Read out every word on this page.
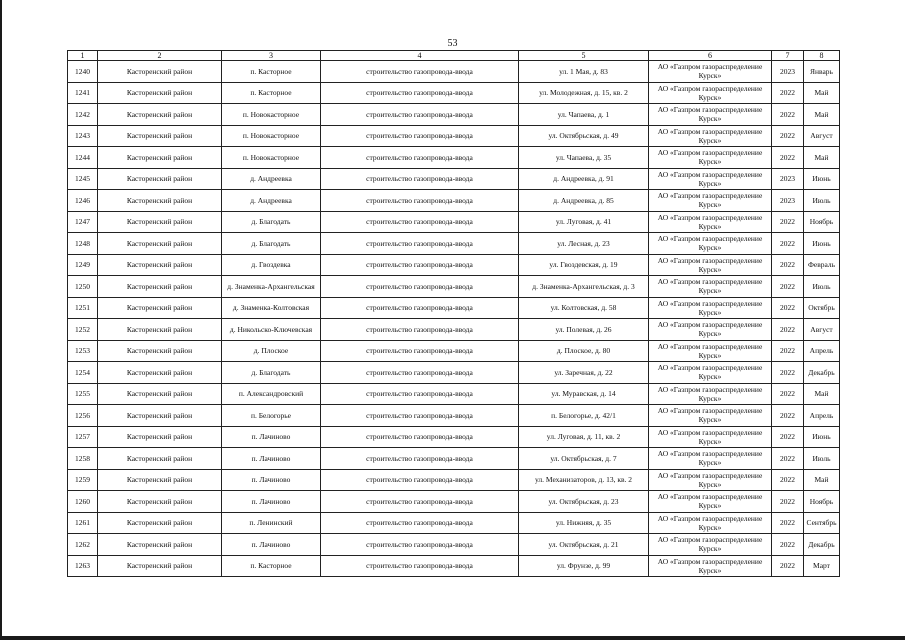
53
1	2	3	4	5	6	7	8
1240	Касторенский район	п. Касторное	строительство газопровода-ввода	ул. 1 Мая, д. 83	АО «Газпром газораспределение Курск»	2023	Январь
1241	Касторенский район	п. Касторное	строительство газопровода-ввода	ул. Молодежная, д. 15, кв. 2	АО «Газпром газораспределение Курск»	2022	Май
1242	Касторенский район	п. Новокасторное	строительство газопровода-ввода	ул. Чапаева, д. 1	АО «Газпром газораспределение Курск»	2022	Май
1243	Касторенский район	п. Новокасторное	строительство газопровода-ввода	ул. Октябрьская, д. 49	АО «Газпром газораспределение Курск»	2022	Август
1244	Касторенский район	п. Новокасторное	строительство газопровода-ввода	ул. Чапаева, д. 35	АО «Газпром газораспределение Курск»	2022	Май
1245	Касторенский район	д. Андреевка	строительство газопровода-ввода	д. Андреевка, д. 91	АО «Газпром газораспределение Курск»	2023	Июнь
1246	Касторенский район	д. Андреевка	строительство газопровода-ввода	д. Андреевка, д. 85	АО «Газпром газораспределение Курск»	2023	Июль
1247	Касторенский район	д. Благодать	строительство газопровода-ввода	ул. Луговая, д. 41	АО «Газпром газораспределение Курск»	2022	Ноябрь
1248	Касторенский район	д. Благодать	строительство газопровода-ввода	ул. Лесная, д. 23	АО «Газпром газораспределение Курск»	2022	Июнь
1249	Касторенский район	д. Гвоздевка	строительство газопровода-ввода	ул. Гвоздевская, д. 19	АО «Газпром газораспределение Курск»	2022	Февраль
1250	Касторенский район	д. Знаменка-Архангельская	строительство газопровода-ввода	д. Знаменка-Архангельская, д. 3	АО «Газпром газораспределение Курск»	2022	Июль
1251	Касторенский район	д. Знаменка-Колтовская	строительство газопровода-ввода	ул. Колтовская, д. 58	АО «Газпром газораспределение Курск»	2022	Октябрь
1252	Касторенский район	д. Никольско-Ключевская	строительство газопровода-ввода	ул. Полевая, д. 26	АО «Газпром газораспределение Курск»	2022	Август
1253	Касторенский район	д. Плоское	строительство газопровода-ввода	д. Плоское, д. 80	АО «Газпром газораспределение Курск»	2022	Апрель
1254	Касторенский район	д. Благодать	строительство газопровода-ввода	ул. Заречная, д. 22	АО «Газпром газораспределение Курск»	2022	Декабрь
1255	Касторенский район	п. Александровский	строительство газопровода-ввода	ул. Муравская, д. 14	АО «Газпром газораспределение Курск»	2022	Май
1256	Касторенский район	п. Белогорье	строительство газопровода-ввода	п. Белогорье, д. 42/1	АО «Газпром газораспределение Курск»	2022	Апрель
1257	Касторенский район	п. Лачиново	строительство газопровода-ввода	ул. Луговая, д. 11, кв. 2	АО «Газпром газораспределение Курск»	2022	Июнь
1258	Касторенский район	п. Лачиново	строительство газопровода-ввода	ул. Октябрьская, д. 7	АО «Газпром газораспределение Курск»	2022	Июль
1259	Касторенский район	п. Лачиново	строительство газопровода-ввода	ул. Механизаторов, д. 13, кв. 2	АО «Газпром газораспределение Курск»	2022	Май
1260	Касторенский район	п. Лачиново	строительство газопровода-ввода	ул. Октябрьская, д. 23	АО «Газпром газораспределение Курск»	2022	Ноябрь
1261	Касторенский район	п. Ленинский	строительство газопровода-ввода	ул. Нижняя, д. 35	АО «Газпром газораспределение Курск»	2022	Сентябрь
1262	Касторенский район	п. Лачиново	строительство газопровода-ввода	ул. Октябрьская, д. 21	АО «Газпром газораспределение Курск»	2022	Декабрь
1263	Касторенский район	п. Касторное	строительство газопровода-ввода	ул. Фрунзе, д. 99	АО «Газпром газораспределение Курск»	2022	Март
